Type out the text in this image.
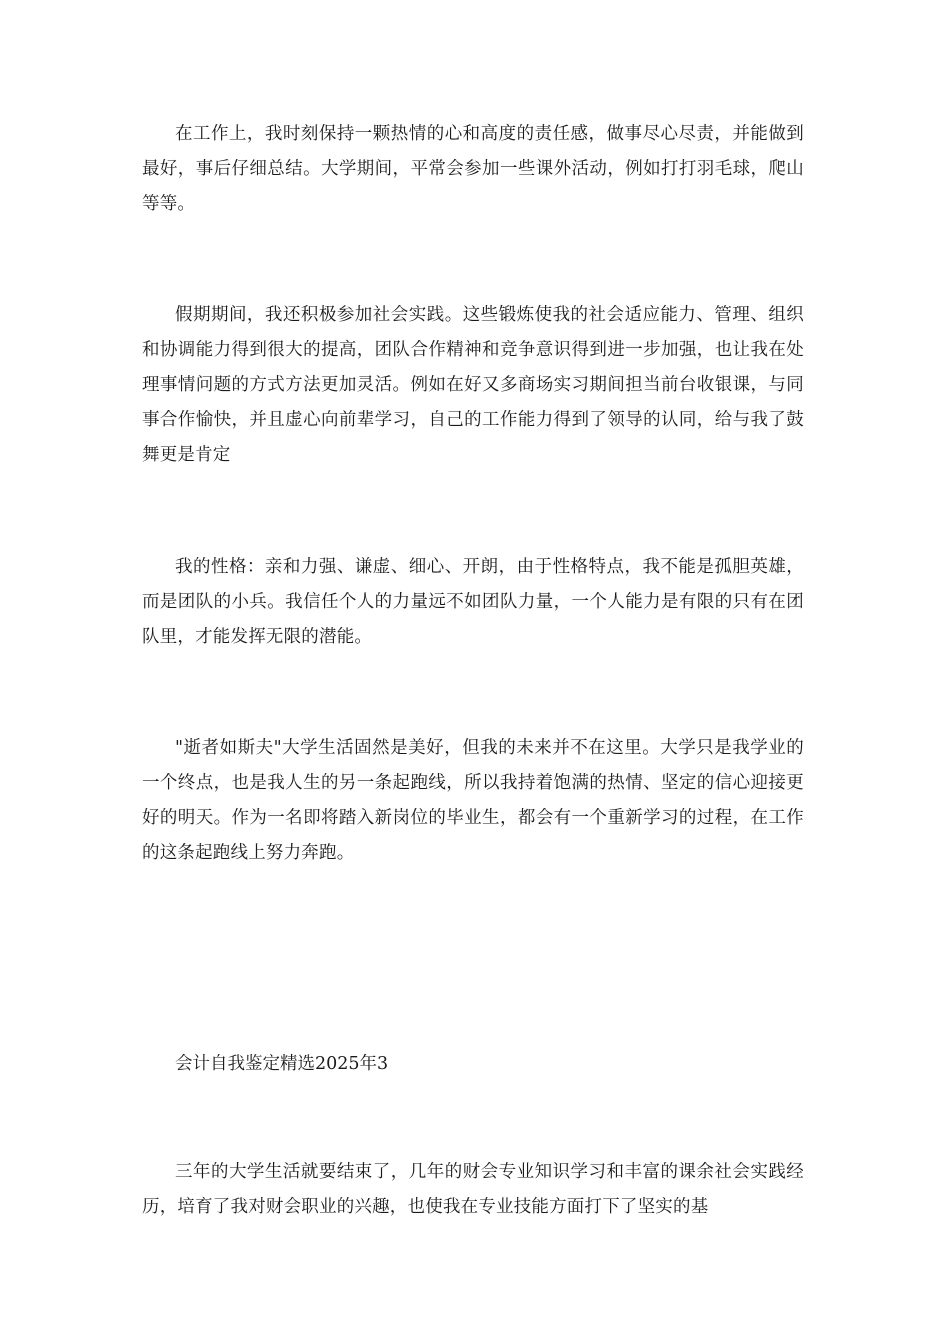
在工作上，我时刻保持一颗热情的心和高度的责任感，做事尽心尽责，并能做到最好，事后仔细总结。大学期间，平常会参加一些课外活动，例如打打羽毛球，爬山等等。

假期期间，我还积极参加社会实践。这些锻炼使我的社会适应能力、管理、组织和协调能力得到很大的提高，团队合作精神和竞争意识得到进一步加强，也让我在处理事情问题的方式方法更加灵活。例如在好又多商场实习期间担当前台收银课，与同事合作愉快，并且虚心向前辈学习，自己的工作能力得到了领导的认同，给与我了鼓舞更是肯定

我的性格：亲和力强、谦虚、细心、开朗，由于性格特点，我不能是孤胆英雄，而是团队的小兵。我信任个人的力量远不如团队力量，一个人能力是有限的只有在团队里，才能发挥无限的潜能。

"逝者如斯夫"大学生活固然是美好，但我的未来并不在这里。大学只是我学业的一个终点，也是我人生的另一条起跑线，所以我持着饱满的热情、坚定的信心迎接更好的明天。作为一名即将踏入新岗位的毕业生，都会有一个重新学习的过程，在工作的这条起跑线上努力奔跑。

会计自我鉴定精选2025年3

三年的大学生活就要结束了，几年的财会专业知识学习和丰富的课余社会实践经历，培育了我对财会职业的兴趣，也使我在专业技能方面打下了坚实的基
